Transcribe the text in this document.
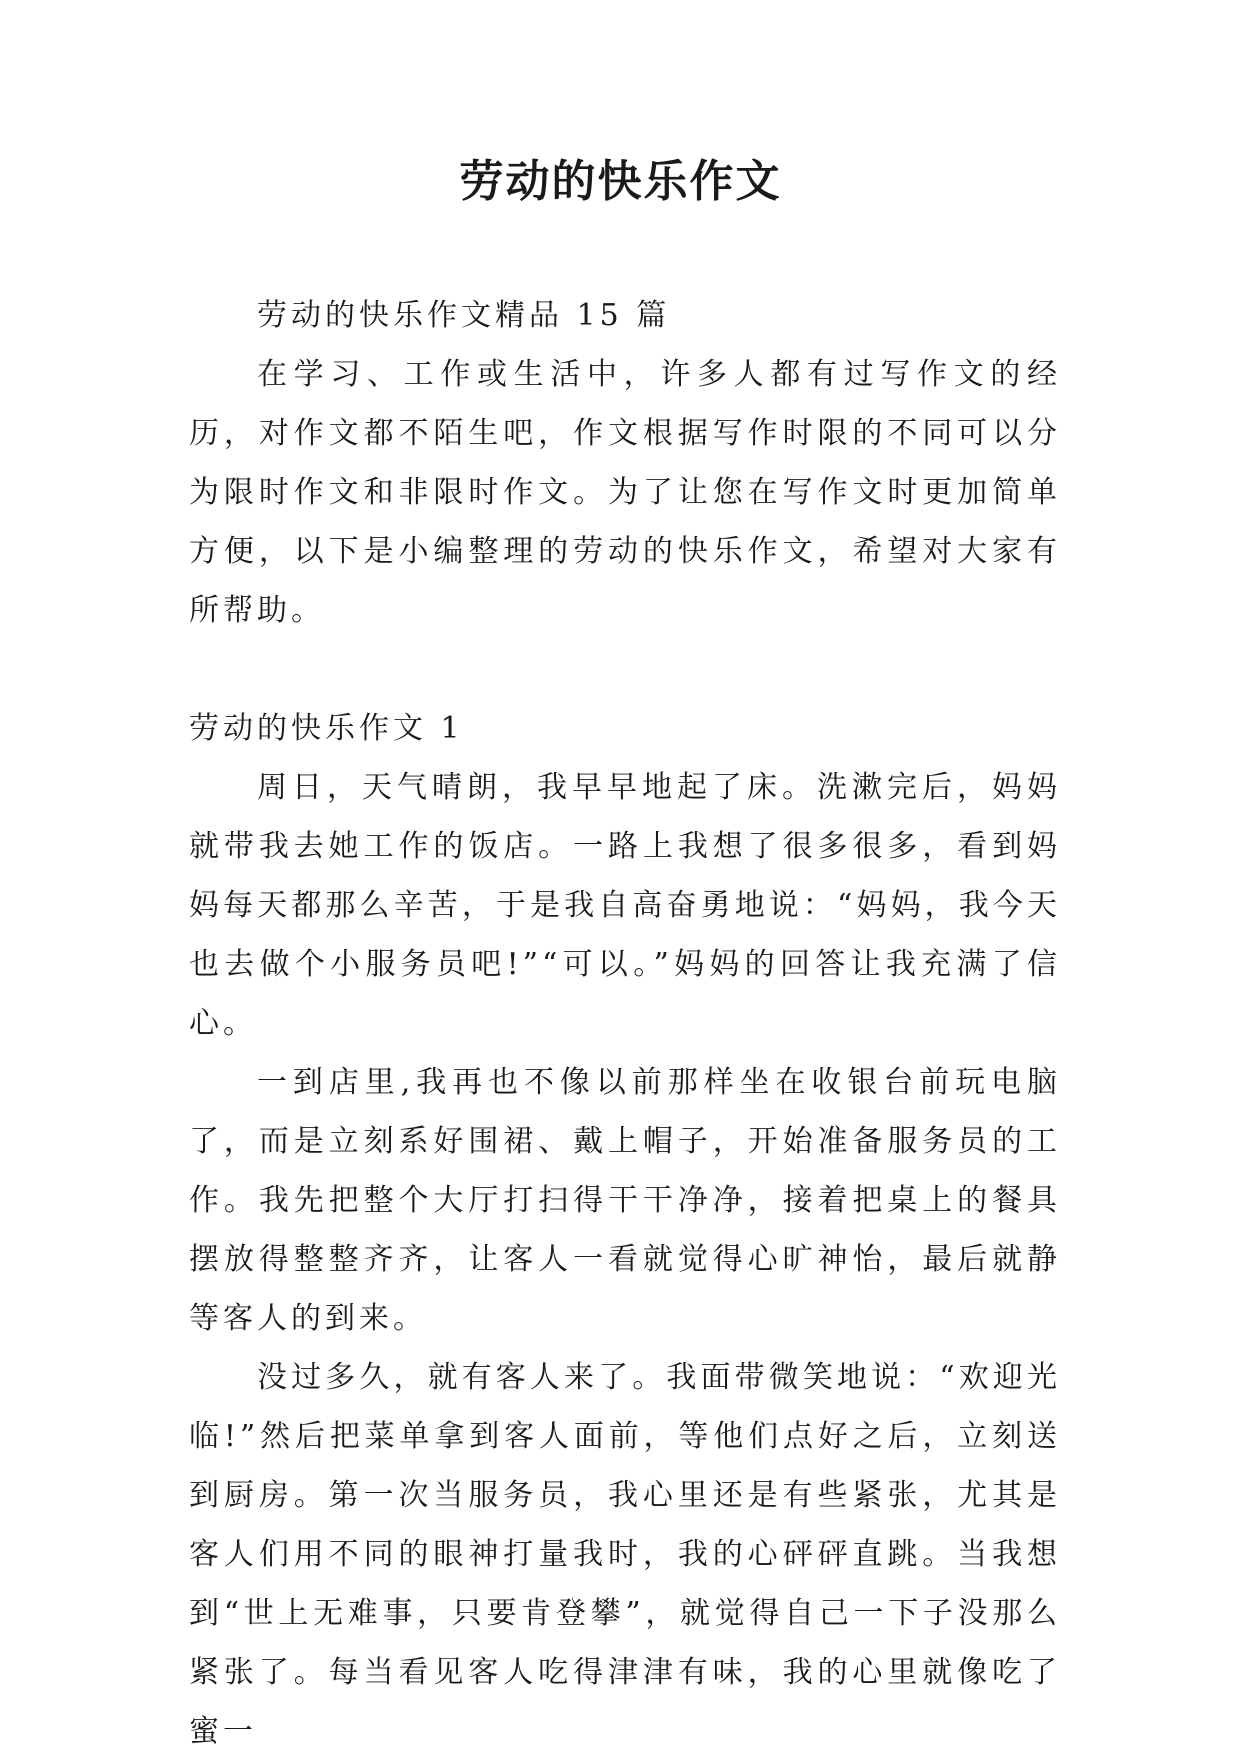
劳动的快乐作文

劳动的快乐作文精品 15 篇

在学习、工作或生活中，许多人都有过写作文的经历，对作文都不陌生吧，作文根据写作时限的不同可以分为限时作文和非限时作文。为了让您在写作文时更加简单方便，以下是小编整理的劳动的快乐作文，希望对大家有所帮助。

劳动的快乐作文 1

周日，天气晴朗，我早早地起了床。洗漱完后，妈妈就带我去她工作的饭店。一路上我想了很多很多，看到妈妈每天都那么辛苦，于是我自高奋勇地说：“妈妈，我今天也去做个小服务员吧!”“可以。”妈妈的回答让我充满了信心。

一到店里,我再也不像以前那样坐在收银台前玩电脑了，而是立刻系好围裙、戴上帽子，开始准备服务员的工作。我先把整个大厅打扫得干干净净，接着把桌上的餐具摆放得整整齐齐，让客人一看就觉得心旷神怡，最后就静等客人的到来。

没过多久，就有客人来了。我面带微笑地说：“欢迎光临!”然后把菜单拿到客人面前，等他们点好之后，立刻送到厨房。第一次当服务员，我心里还是有些紧张，尤其是客人们用不同的眼神打量我时，我的心砰砰直跳。当我想到“世上无难事，只要肯登攀”，就觉得自己一下子没那么紧张了。每当看见客人吃得津津有味，我的心里就像吃了蜜一
